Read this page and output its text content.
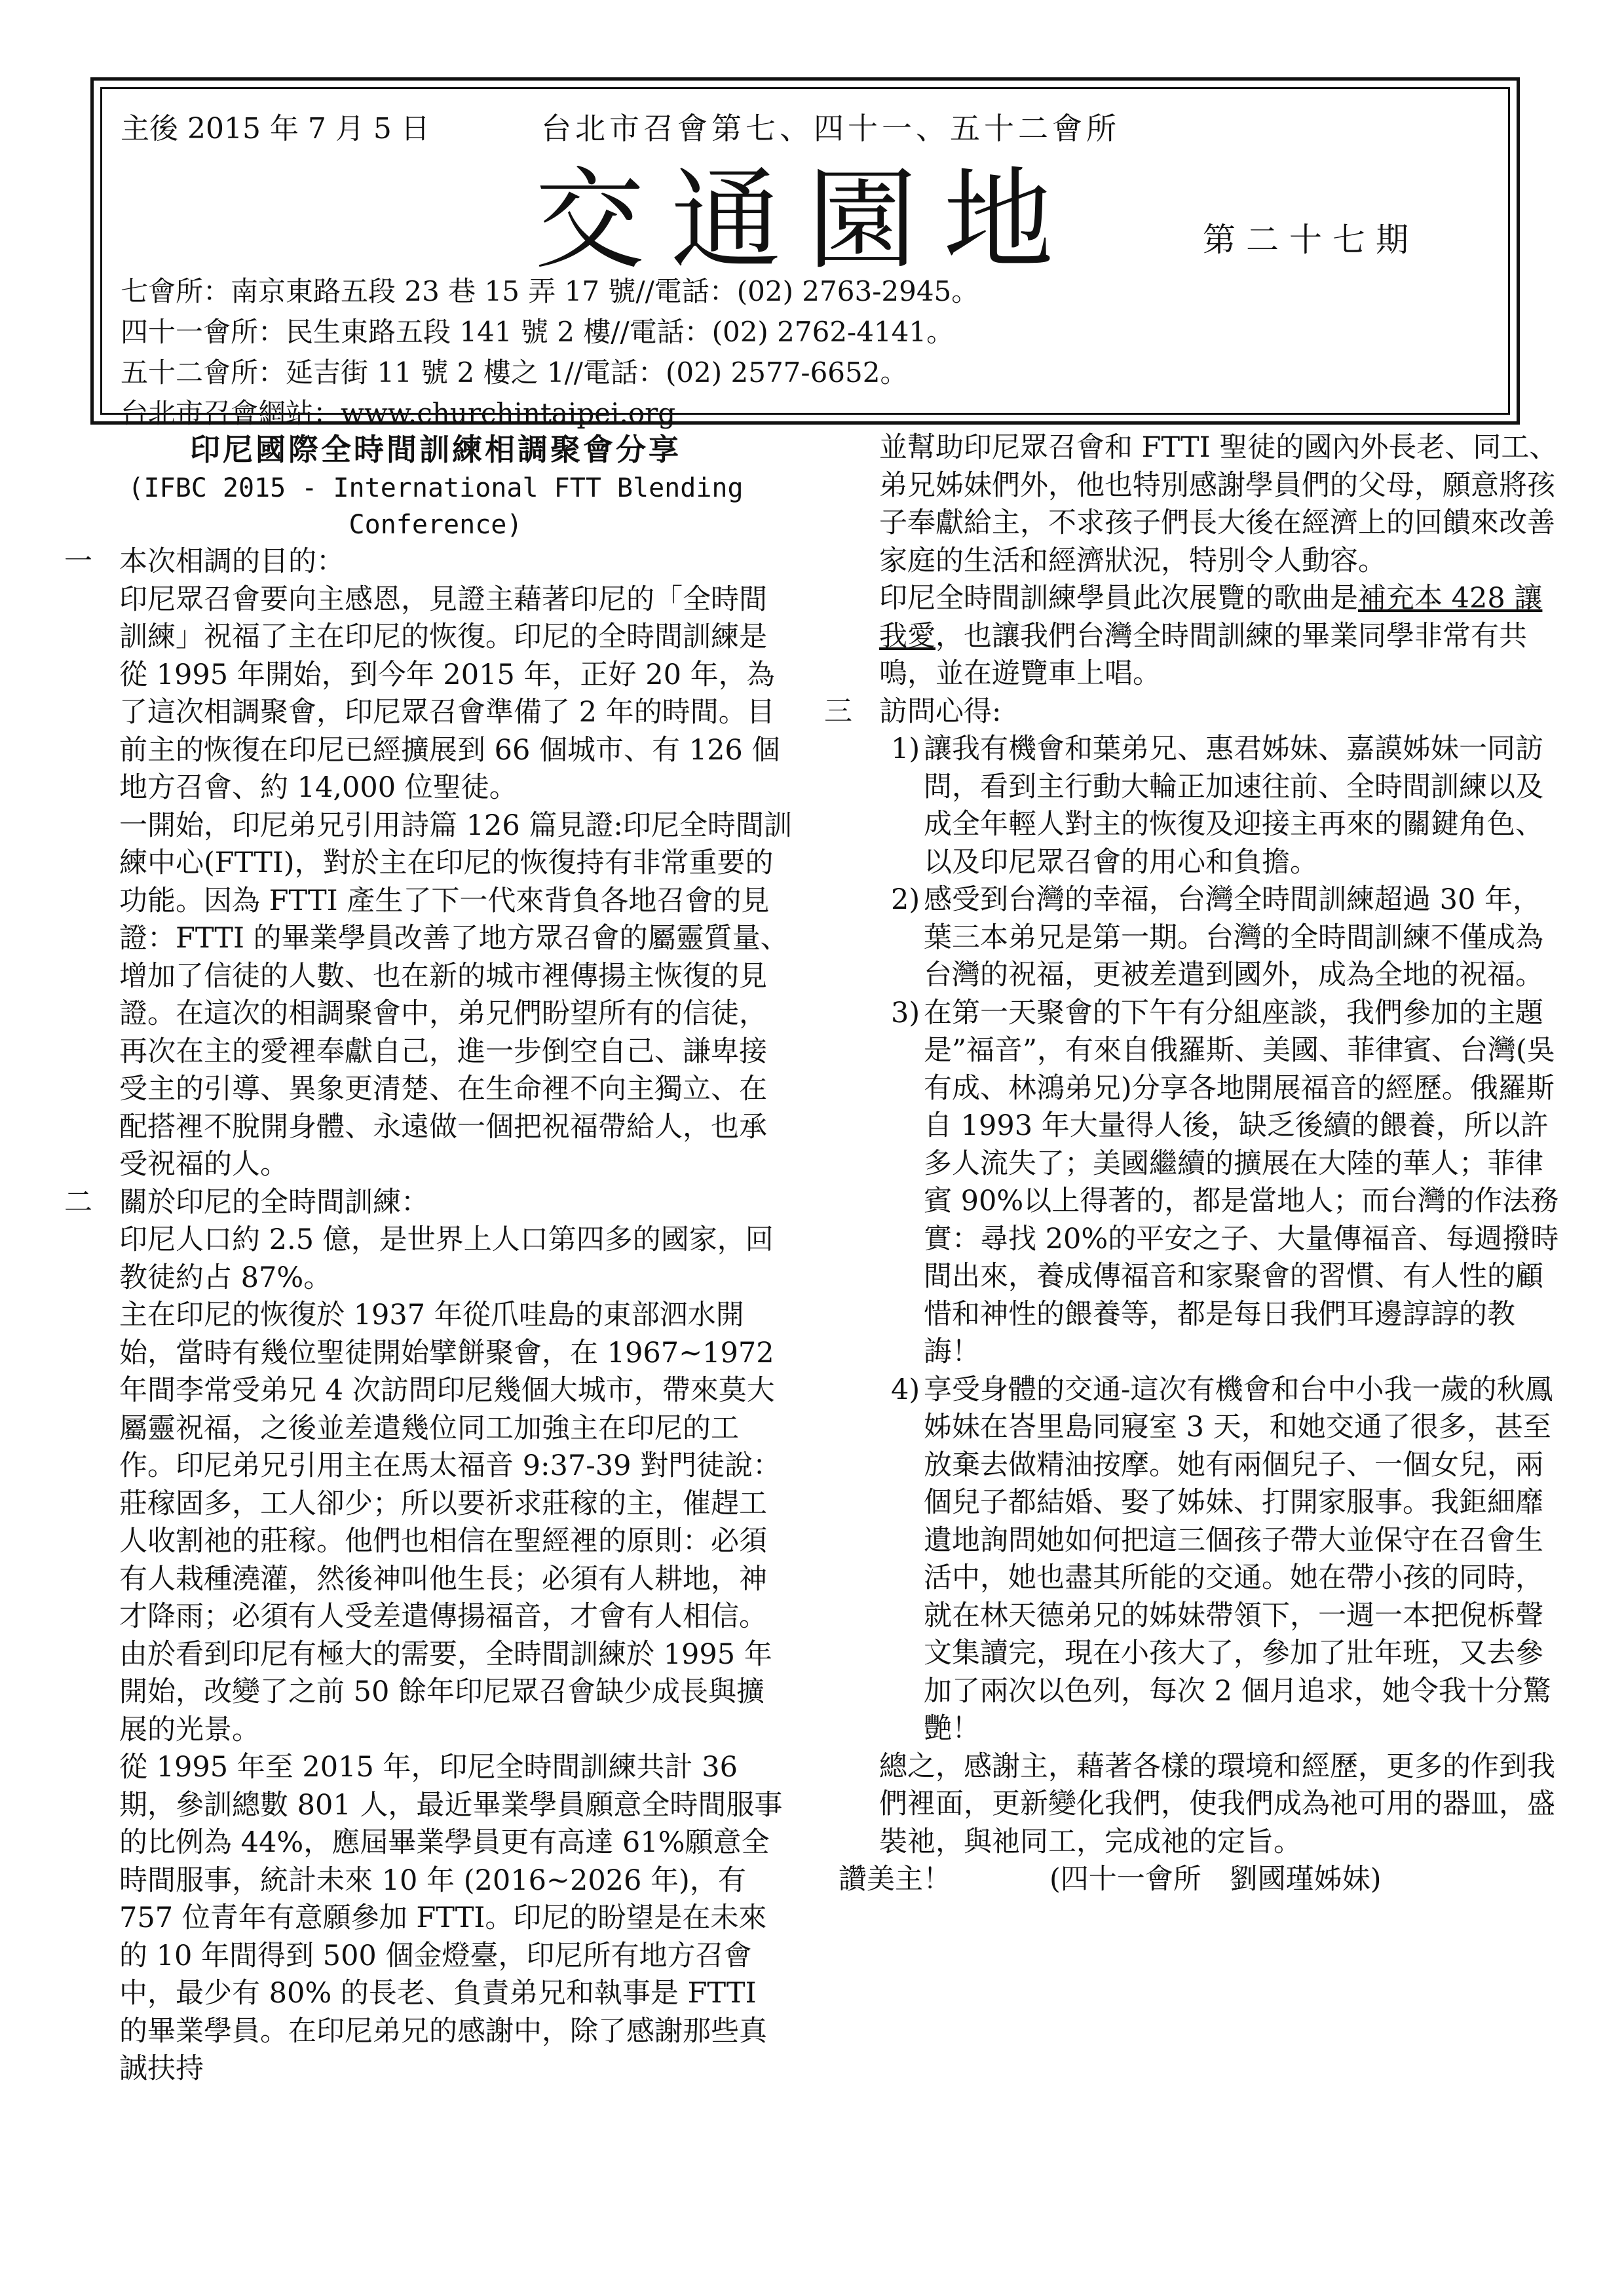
主後 2015 年 7 月 5 日	台北市召會第七、四十一、五十二會所
交通園地	第二十七期
七會所：南京東路五段 23 巷 15 弄 17 號//電話：(02) 2763-2945。
四十一會所：民生東路五段 141 號 2 樓//電話：(02) 2762-4141。
五十二會所：延吉街 11 號 2 樓之 1//電話：(02) 2577-6652。
台北市召會網站：www.churchintaipei.org

印尼國際全時間訓練相調聚會分享

(IFBC 2015 - International FTT Blending
Conference)

一 本次相調的目的：

印尼眾召會要向主感恩，見證主藉著印尼的「全時間訓練」祝福了主在印尼的恢復。印尼的全時間訓練是從 1995 年開始，到今年 2015 年，正好 20 年，為了這次相調聚會，印尼眾召會準備了 2 年的時間。目前主的恢復在印尼已經擴展到 66 個城市、有 126 個地方召會、約 14,000 位聖徒。

一開始，印尼弟兄引用詩篇 126 篇見證:印尼全時間訓練中心(FTTI)，對於主在印尼的恢復持有非常重要的功能。因為 FTTI 產生了下一代來背負各地召會的見證：FTTI 的畢業學員改善了地方眾召會的屬靈質量、增加了信徒的人數、也在新的城市裡傳揚主恢復的見證。在這次的相調聚會中，弟兄們盼望所有的信徒，再次在主的愛裡奉獻自己，進一步倒空自己、謙卑接受主的引導、異象更清楚、在生命裡不向主獨立、在配搭裡不脫開身體、永遠做一個把祝福帶給人，也承受祝福的人。

二 關於印尼的全時間訓練：

印尼人口約 2.5 億，是世界上人口第四多的國家，回教徒約占 87%。

主在印尼的恢復於 1937 年從爪哇島的東部泗水開始，當時有幾位聖徒開始擘餅聚會，在 1967~1972 年間李常受弟兄 4 次訪問印尼幾個大城市，帶來莫大屬靈祝福，之後並差遣幾位同工加強主在印尼的工作。印尼弟兄引用主在馬太福音 9:37-39 對門徒說：莊稼固多，工人卻少；所以要祈求莊稼的主，催趕工人收割祂的莊稼。他們也相信在聖經裡的原則：必須有人栽種澆灌，然後神叫他生長；必須有人耕地，神才降雨；必須有人受差遣傳揚福音，才會有人相信。由於看到印尼有極大的需要，全時間訓練於 1995 年開始，改變了之前 50 餘年印尼眾召會缺少成長與擴展的光景。

從 1995 年至 2015 年，印尼全時間訓練共計 36 期，參訓總數 801 人，最近畢業學員願意全時間服事的比例為 44%，應屆畢業學員更有高達 61%願意全時間服事，統計未來 10 年 (2016~2026 年)，有 757 位青年有意願參加 FTTI。印尼的盼望是在未來的 10 年間得到 500 個金燈臺，印尼所有地方召會中，最少有 80% 的長老、負責弟兄和執事是 FTTI 的畢業學員。在印尼弟兄的感謝中，除了感謝那些真誠扶持

並幫助印尼眾召會和 FTTI 聖徒的國內外長老、同工、弟兄姊妹們外，他也特別感謝學員們的父母，願意將孩子奉獻給主，不求孩子們長大後在經濟上的回饋來改善家庭的生活和經濟狀況，特別令人動容。

印尼全時間訓練學員此次展覽的歌曲是補充本 428 讓我愛，也讓我們台灣全時間訓練的畢業同學非常有共鳴，並在遊覽車上唱。

三 訪問心得:

1) 讓我有機會和葉弟兄、惠君姊妹、嘉謨姊妹一同訪問，看到主行動大輪正加速往前、全時間訓練以及成全年輕人對主的恢復及迎接主再來的關鍵角色、以及印尼眾召會的用心和負擔。

2) 感受到台灣的幸福，台灣全時間訓練超過 30 年，葉三本弟兄是第一期。台灣的全時間訓練不僅成為台灣的祝福，更被差遣到國外，成為全地的祝福。

3) 在第一天聚會的下午有分組座談，我們參加的主題是”福音”，有來自俄羅斯、美國、菲律賓、台灣(吳有成、林鴻弟兄)分享各地開展福音的經歷。俄羅斯自 1993 年大量得人後，缺乏後續的餵養，所以許多人流失了；美國繼續的擴展在大陸的華人；菲律賓 90%以上得著的，都是當地人；而台灣的作法務實：尋找 20%的平安之子、大量傳福音、每週撥時間出來，養成傳福音和家聚會的習慣、有人性的顧惜和神性的餵養等，都是每日我們耳邊諄諄的教誨！

4) 享受身體的交通-這次有機會和台中小我一歲的秋鳳姊妹在峇里島同寢室 3 天，和她交通了很多，甚至放棄去做精油按摩。她有兩個兒子、一個女兒，兩個兒子都結婚、娶了姊妹、打開家服事。我鉅細靡遺地詢問她如何把這三個孩子帶大並保守在召會生活中，她也盡其所能的交通。她在帶小孩的同時，就在林天德弟兄的姊妹帶領下，一週一本把倪柝聲文集讀完，現在小孩大了，參加了壯年班，又去參加了兩次以色列，每次 2 個月追求，她令我十分驚艷！

總之，感謝主，藉著各樣的環境和經歷，更多的作到我們裡面，更新變化我們，使我們成為祂可用的器皿，盛裝祂，與祂同工，完成祂的定旨。

讚美主！	(四十一會所　劉國瑾姊妹)
